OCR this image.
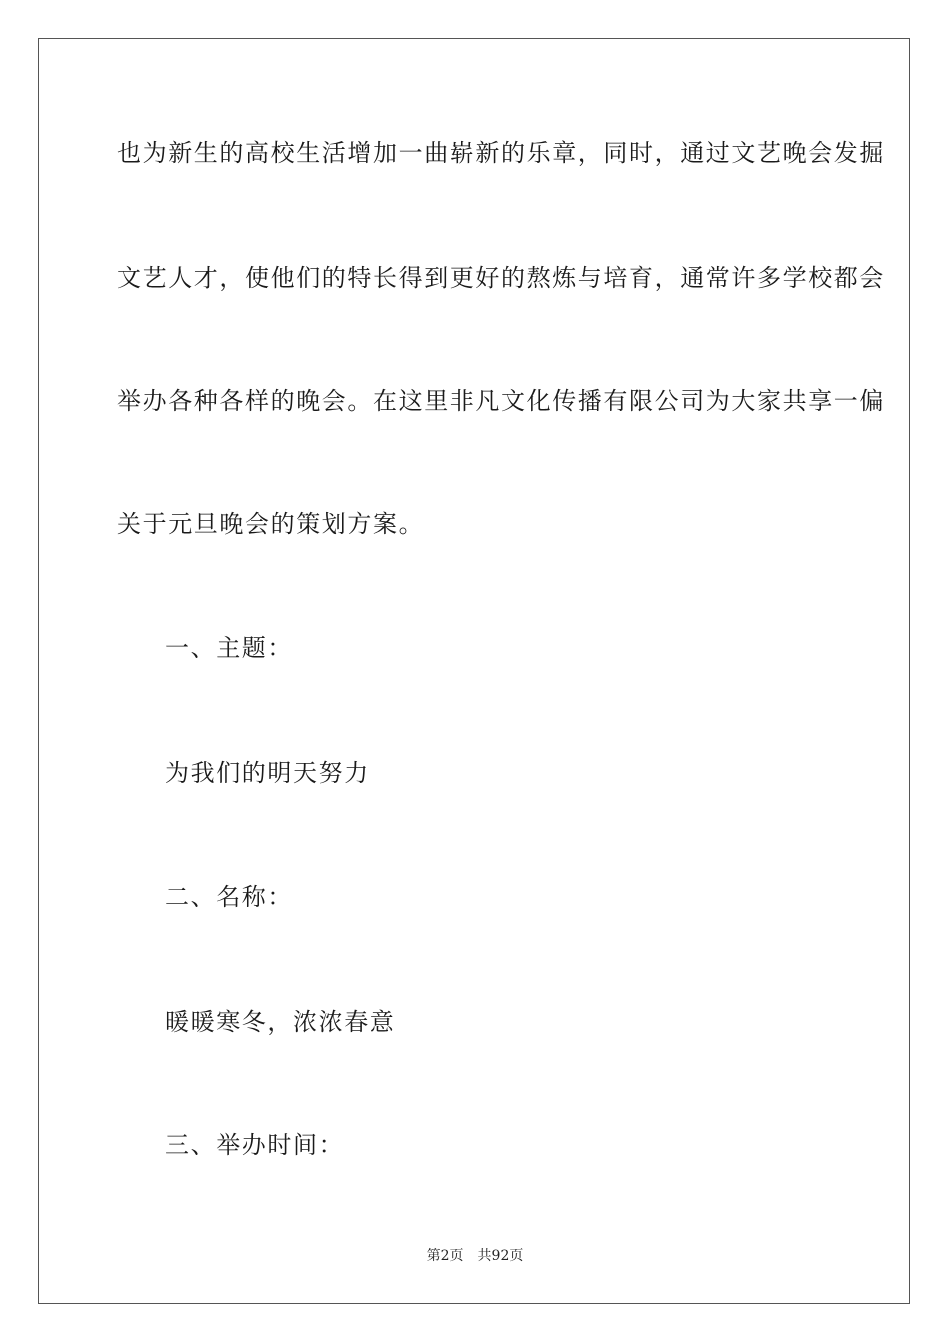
也为新生的高校生活增加一曲崭新的乐章，同时，通过文艺晚会发掘
文艺人才，使他们的特长得到更好的熬炼与培育，通常许多学校都会
举办各种各样的晚会。在这里非凡文化传播有限公司为大家共享一偏
关于元旦晚会的策划方案。
一、主题：
为我们的明天努力
二、名称：
暖暖寒冬，浓浓春意
三、举办时间：
第2页 共92页
